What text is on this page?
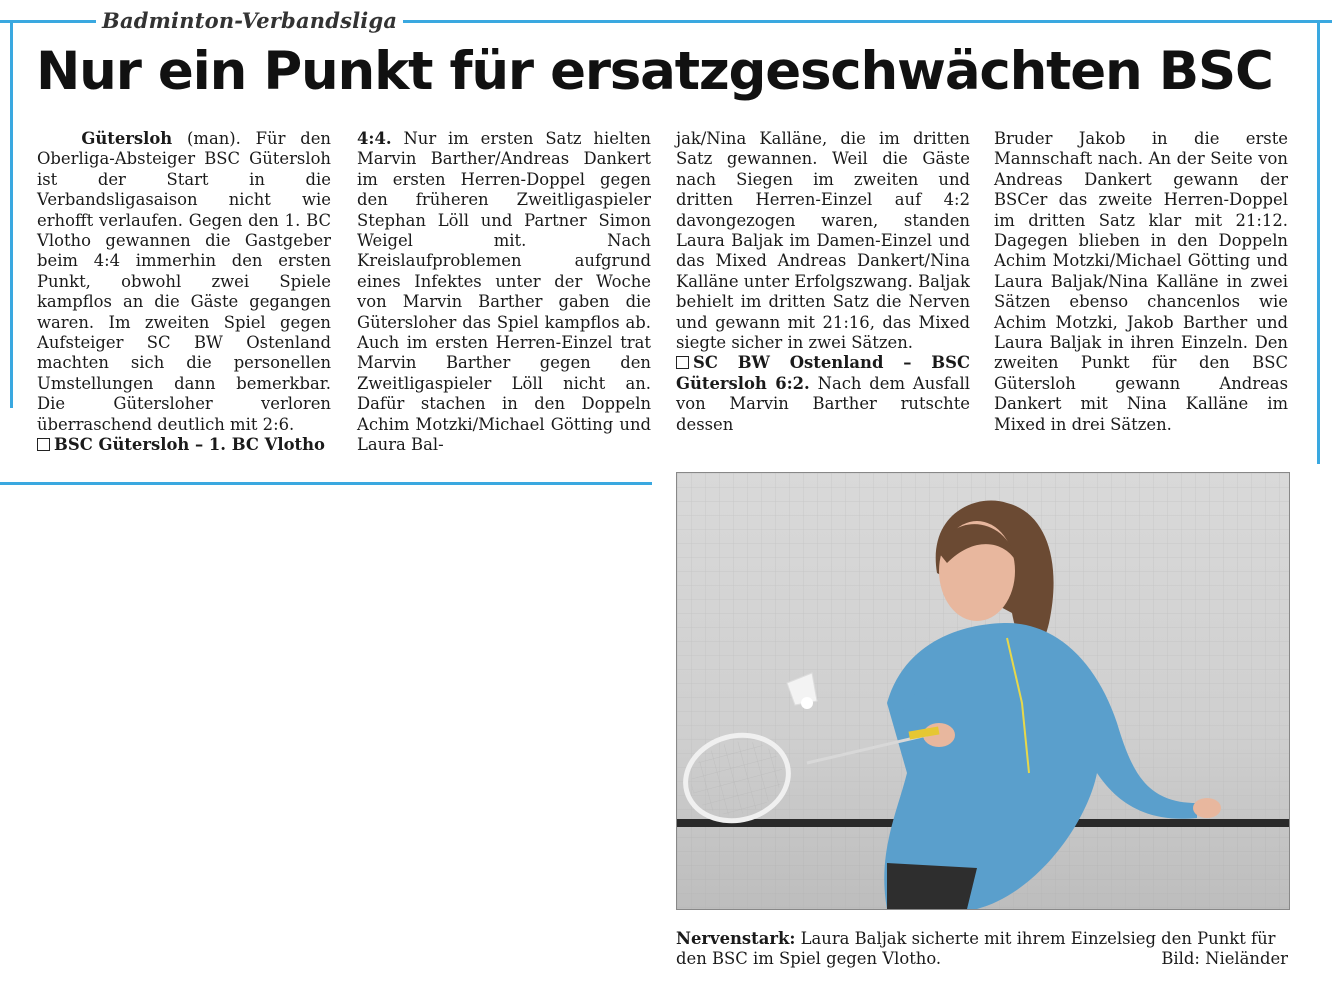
Badminton-Verbandsliga
Nur ein Punkt für ersatzgeschwächten BSC

Gütersloh (man). Für den Oberliga-Absteiger BSC Gütersloh ist der Start in die Verbandsligasaison nicht wie erhofft verlaufen. Gegen den 1. BC Vlotho gewannen die Gastgeber beim 4:4 immerhin den ersten Punkt, obwohl zwei Spiele kampflos an die Gäste gegangen waren. Im zweiten Spiel gegen Aufsteiger SC BW Ostenland machten sich die personellen Umstellungen dann bemerkbar. Die Gütersloher verloren überraschend deutlich mit 2:6.

BSC Gütersloh – 1. BC Vlotho

4:4. Nur im ersten Satz hielten Marvin Barther/Andreas Dankert im ersten Herren-Doppel gegen den früheren Zweitligaspieler Stephan Löll und Partner Simon Weigel mit. Nach Kreislaufproblemen aufgrund eines Infektes unter der Woche von Marvin Barther gaben die Gütersloher das Spiel kampflos ab. Auch im ersten Herren-Einzel trat Marvin Barther gegen den Zweitligaspieler Löll nicht an. Dafür stachen in den Doppeln Achim Motzki/Michael Götting und Laura Bal-

jak/Nina Kalläne, die im dritten Satz gewannen. Weil die Gäste nach Siegen im zweiten und dritten Herren-Einzel auf 4:2 davongezogen waren, standen Laura Baljak im Damen-Einzel und das Mixed Andreas Dankert/Nina Kalläne unter Erfolgszwang. Baljak behielt im dritten Satz die Nerven und gewann mit 21:16, das Mixed siegte sicher in zwei Sätzen.

SC BW Ostenland – BSC Gütersloh 6:2. Nach dem Ausfall von Marvin Barther rutschte dessen

Bruder Jakob in die erste Mannschaft nach. An der Seite von Andreas Dankert gewann der BSCer das zweite Herren-Doppel im dritten Satz klar mit 21:12. Dagegen blieben in den Doppeln Achim Motzki/Michael Götting und Laura Baljak/Nina Kalläne in zwei Sätzen ebenso chancenlos wie Achim Motzki, Jakob Barther und Laura Baljak in ihren Einzeln. Den zweiten Punkt für den BSC Gütersloh gewann Andreas Dankert mit Nina Kalläne im Mixed in drei Sätzen.

Nervenstark: Laura Baljak sicherte mit ihrem Einzelsieg den Punkt für den BSC im Spiel gegen Vlotho.	Bild: Nieländer
